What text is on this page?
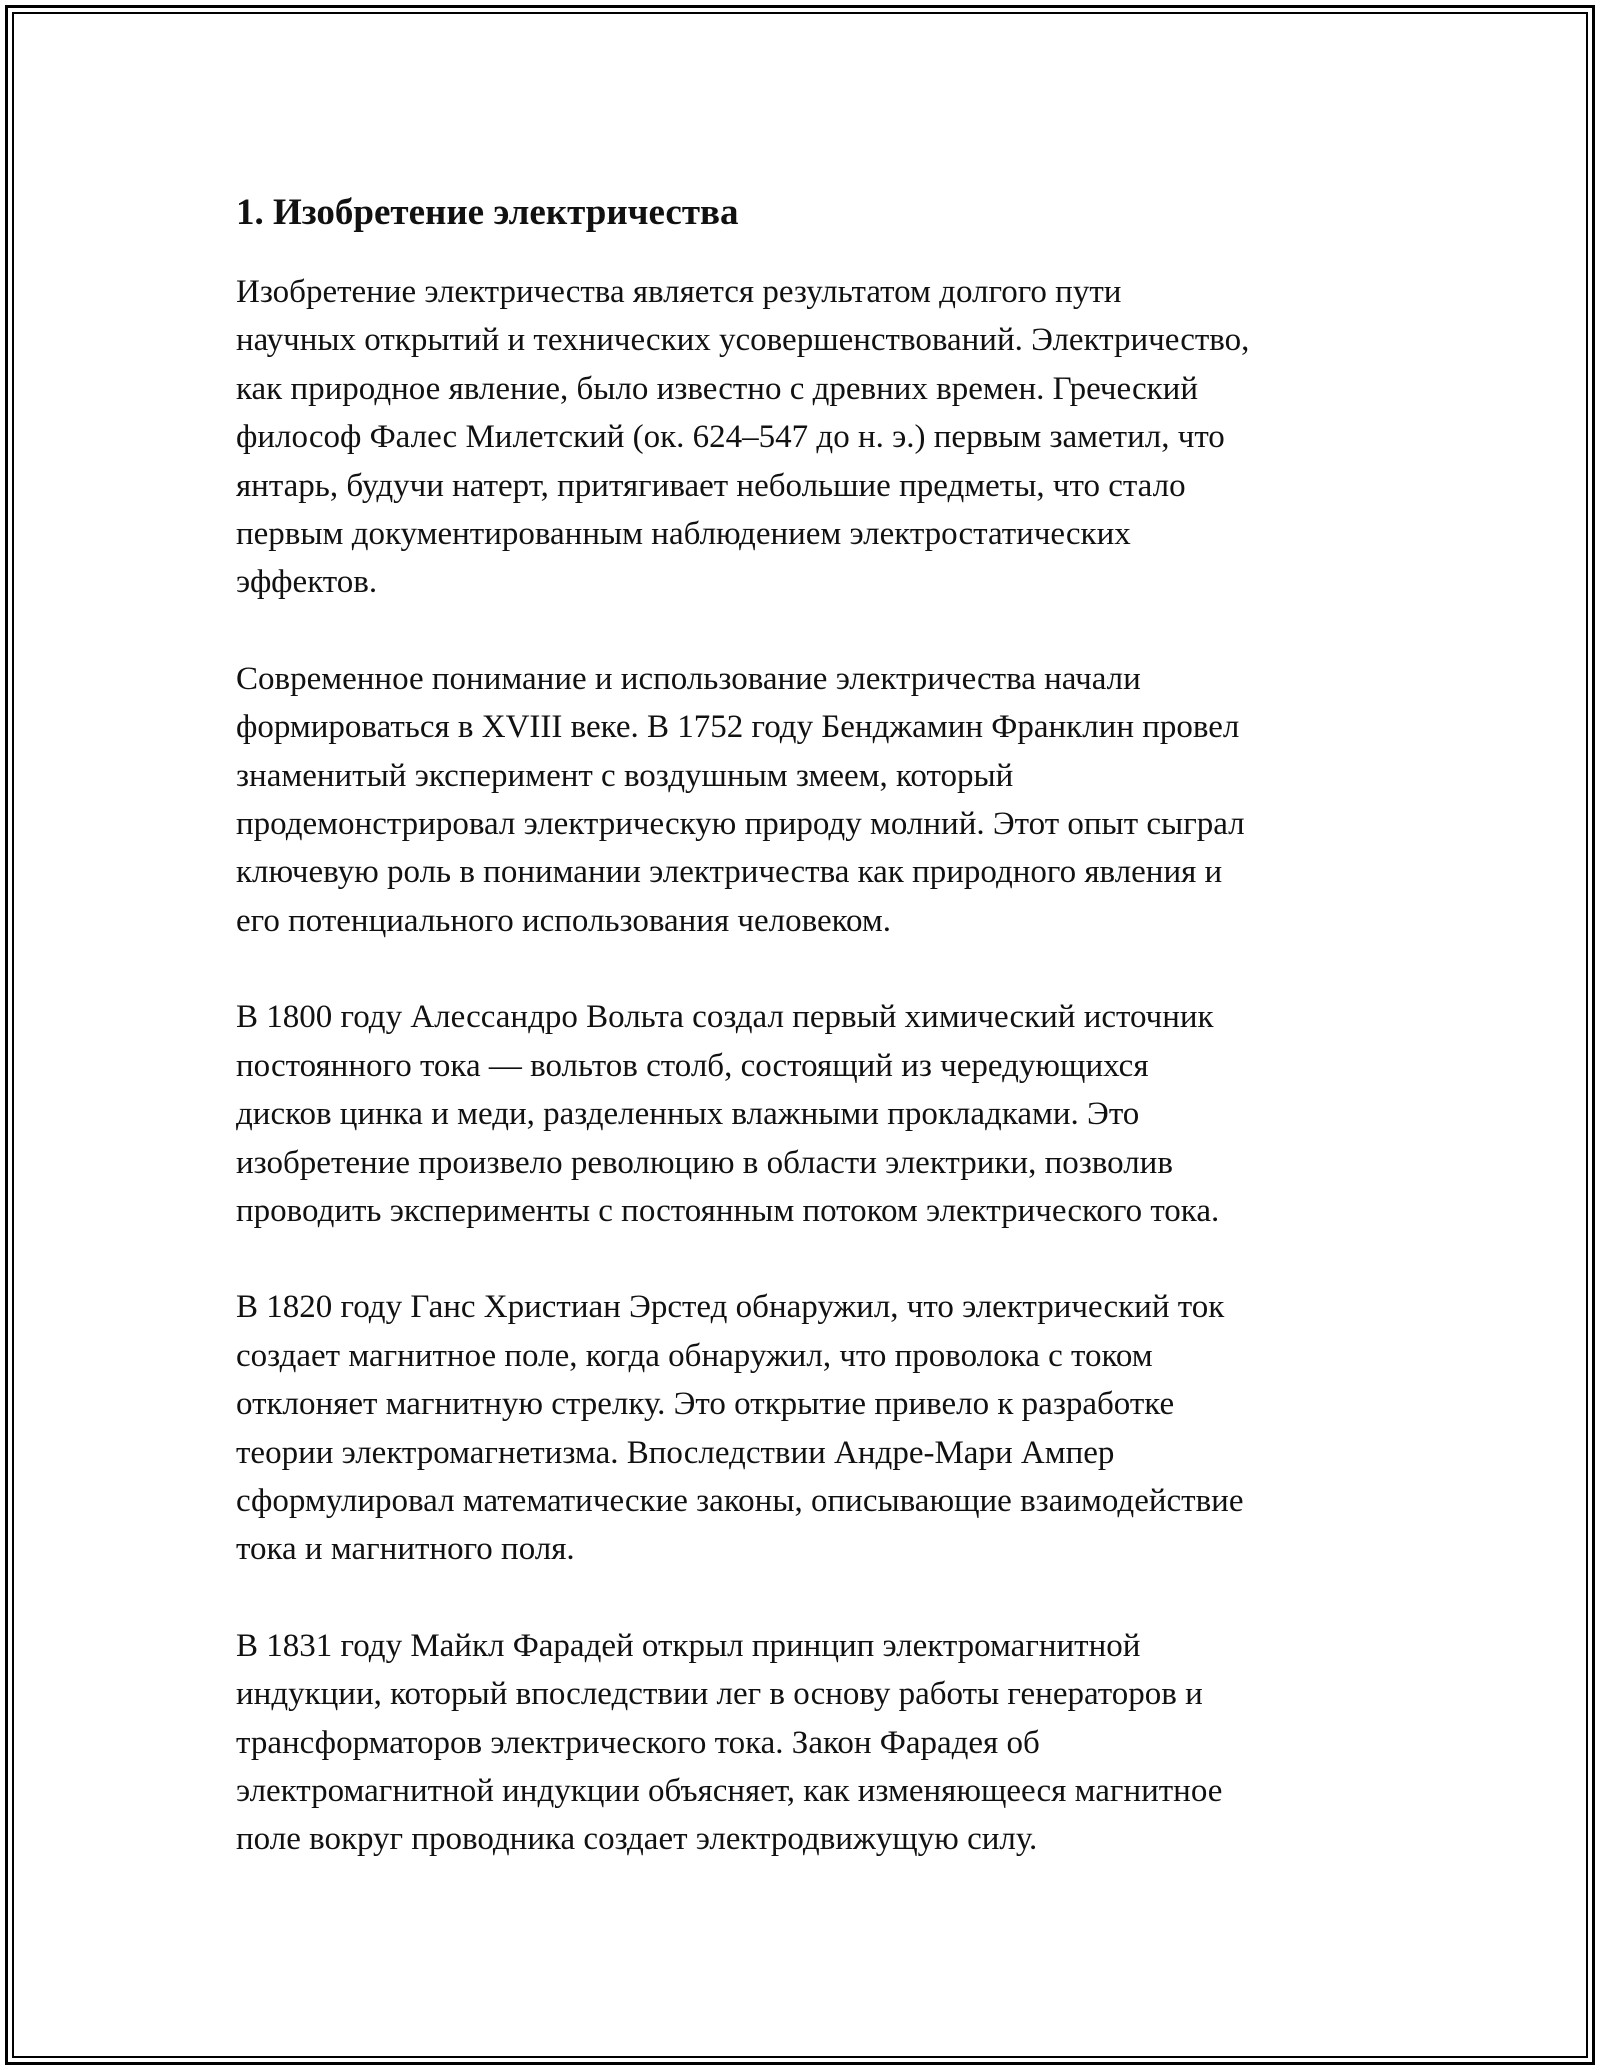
1. Изобретение электричества

Изобретение электричества является результатом долгого пути
научных открытий и технических усовершенствований. Электричество,
как природное явление, было известно с древних времен. Греческий
философ Фалес Милетский (ок. 624–547 до н. э.) первым заметил, что
янтарь, будучи натерт, притягивает небольшие предметы, что стало
первым документированным наблюдением электростатических
эффектов.

Современное понимание и использование электричества начали
формироваться в XVIII веке. В 1752 году Бенджамин Франклин провел
знаменитый эксперимент с воздушным змеем, который
продемонстрировал электрическую природу молний. Этот опыт сыграл
ключевую роль в понимании электричества как природного явления и
его потенциального использования человеком.

В 1800 году Алессандро Вольта создал первый химический источник
постоянного тока — вольтов столб, состоящий из чередующихся
дисков цинка и меди, разделенных влажными прокладками. Это
изобретение произвело революцию в области электрики, позволив
проводить эксперименты с постоянным потоком электрического тока.

В 1820 году Ганс Христиан Эрстед обнаружил, что электрический ток
создает магнитное поле, когда обнаружил, что проволока с током
отклоняет магнитную стрелку. Это открытие привело к разработке
теории электромагнетизма. Впоследствии Андре-Мари Ампер
сформулировал математические законы, описывающие взаимодействие
тока и магнитного поля.

В 1831 году Майкл Фарадей открыл принцип электромагнитной
индукции, который впоследствии лег в основу работы генераторов и
трансформаторов электрического тока. Закон Фарадея об
электромагнитной индукции объясняет, как изменяющееся магнитное
поле вокруг проводника создает электродвижущую силу.
